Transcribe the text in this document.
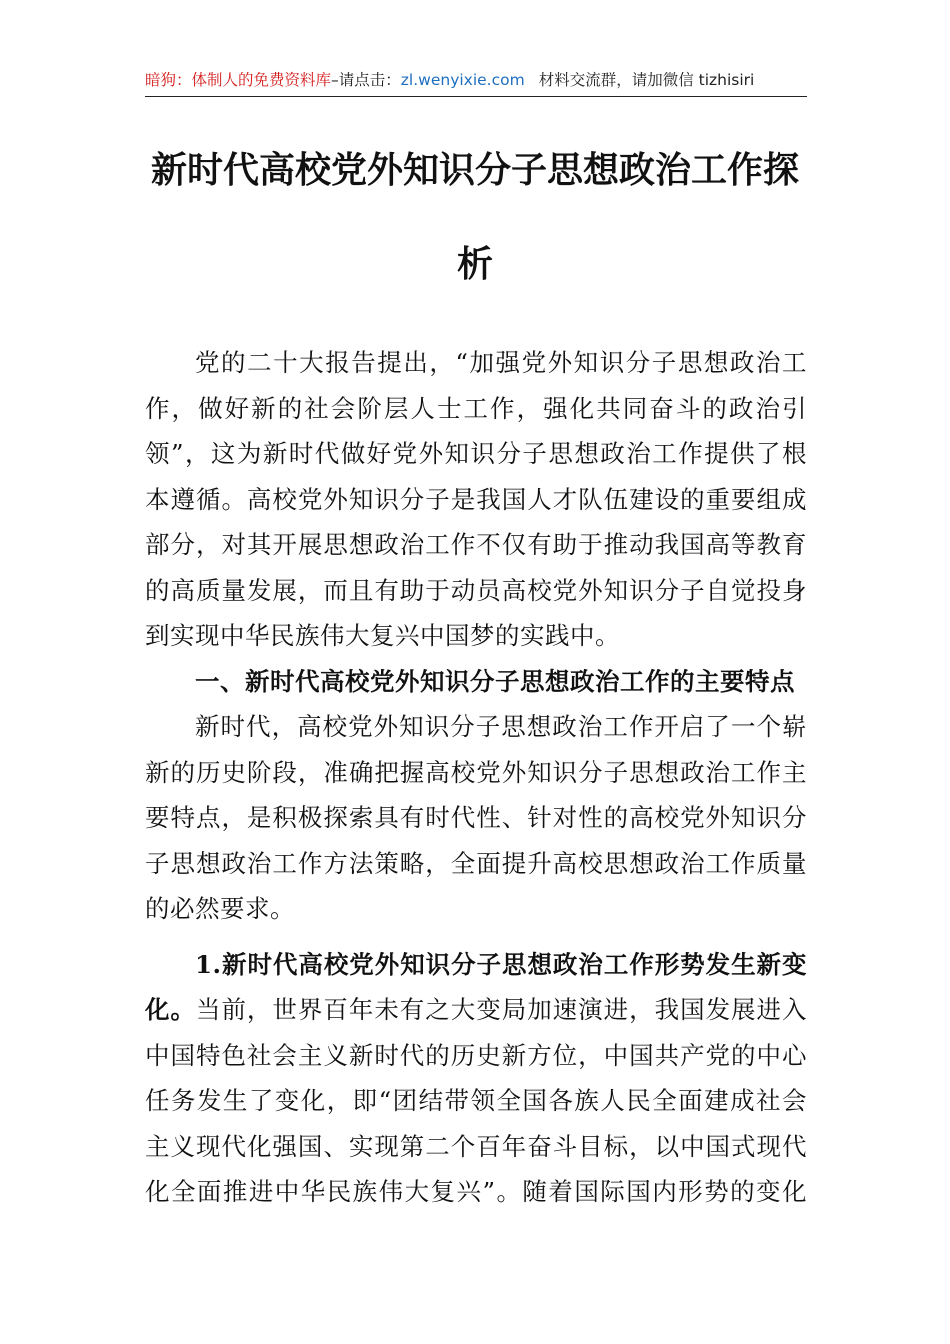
暗狗：体制人的免费资料库–请点击：zl.wenyixie.com 材料交流群，请加微信 tizhisiri
新时代高校党外知识分子思想政治工作探
析
党的二十大报告提出，“加强党外知识分子思想政治工
作，做好新的社会阶层人士工作，强化共同奋斗的政治引
领”，这为新时代做好党外知识分子思想政治工作提供了根
本遵循。高校党外知识分子是我国人才队伍建设的重要组成
部分，对其开展思想政治工作不仅有助于推动我国高等教育
的高质量发展，而且有助于动员高校党外知识分子自觉投身
到实现中华民族伟大复兴中国梦的实践中。
一、新时代高校党外知识分子思想政治工作的主要特点
新时代，高校党外知识分子思想政治工作开启了一个崭
新的历史阶段，准确把握高校党外知识分子思想政治工作主
要特点，是积极探索具有时代性、针对性的高校党外知识分
子思想政治工作方法策略，全面提升高校思想政治工作质量
的必然要求。
1.新时代高校党外知识分子思想政治工作形势发生新变
化。当前，世界百年未有之大变局加速演进，我国发展进入
中国特色社会主义新时代的历史新方位，中国共产党的中心
任务发生了变化，即“团结带领全国各族人民全面建成社会
主义现代化强国、实现第二个百年奋斗目标，以中国式现代
化全面推进中华民族伟大复兴”。随着国际国内形势的变化
